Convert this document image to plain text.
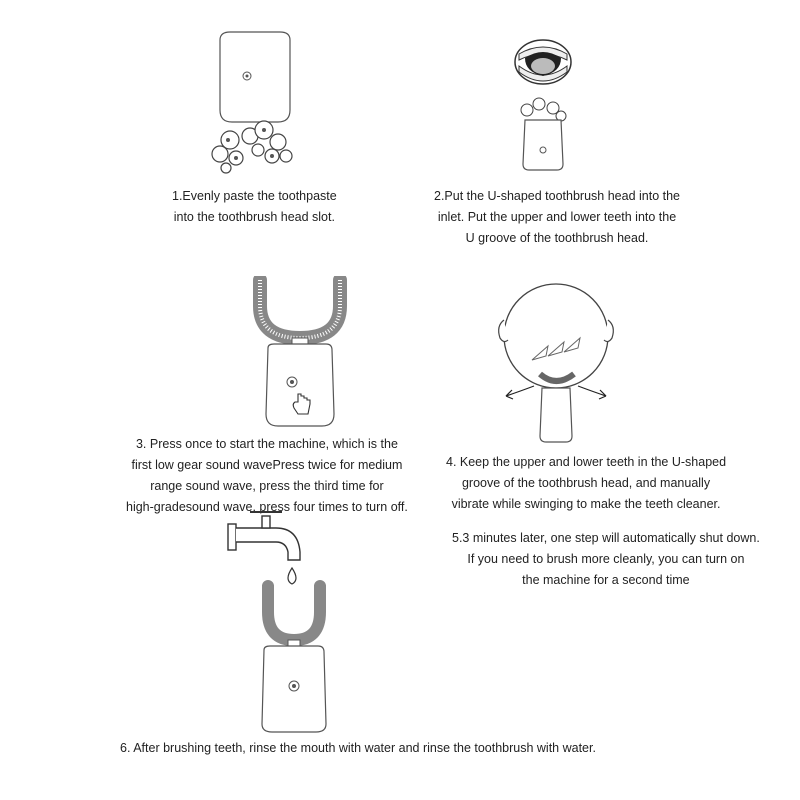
1.Evenly paste the toothpaste
into the toothbrush head slot.
2.Put the U-shaped toothbrush head into the
inlet. Put the upper and lower teeth into the
U groove of the toothbrush head.
3. Press once to start the machine, which is the
first low gear sound wavePress twice for medium
range sound wave, press the third time for
high-gradesound wave, press four times to turn off.
4. Keep the upper and lower teeth in the U-shaped
groove of the toothbrush head, and manually
vibrate while swinging to make the teeth cleaner.
5.3 minutes later, one step will automatically shut down.
If you need to brush more cleanly, you can turn on
the machine for a second time
6. After brushing teeth, rinse the mouth with water and rinse the toothbrush with water.
